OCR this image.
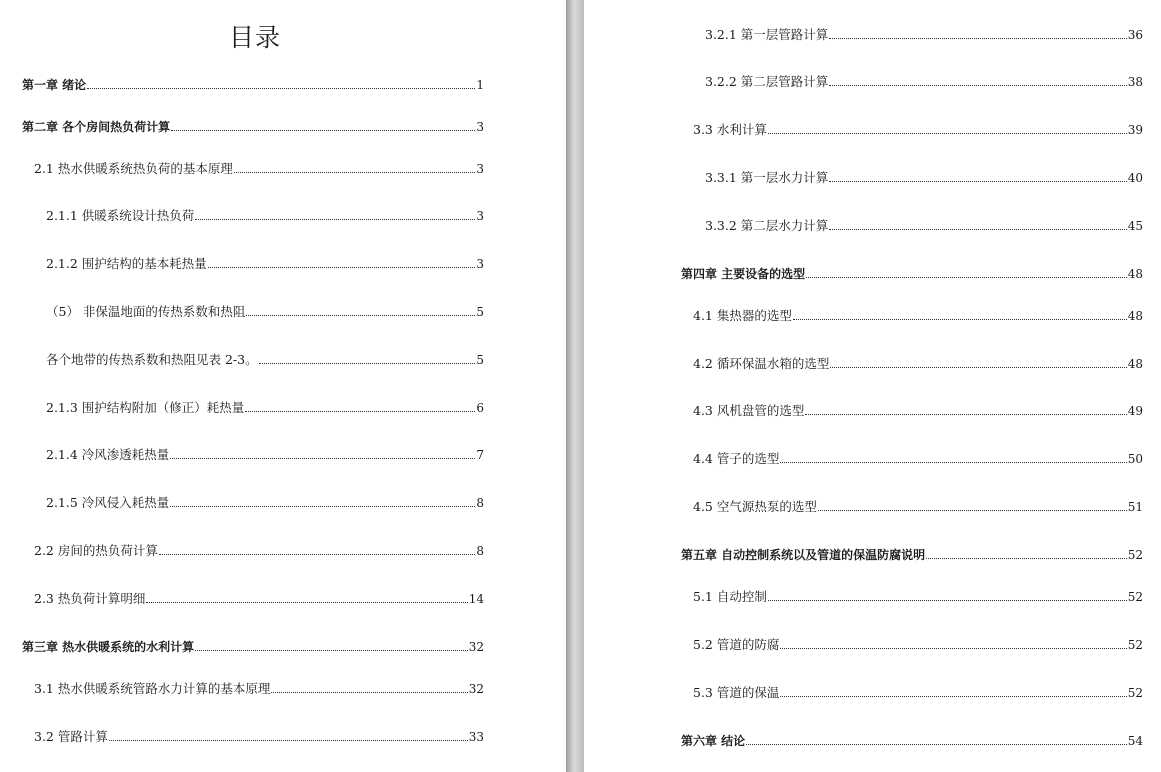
目录
第一章 绪论	1
第二章 各个房间热负荷计算	3
2.1 热水供暖系统热负荷的基本原理	3
2.1.1 供暖系统设计热负荷	3
2.1.2 围护结构的基本耗热量	3
（5） 非保温地面的传热系数和热阻	5
各个地带的传热系数和热阻见表 2-3。	5
2.1.3 围护结构附加（修正）耗热量	6
2.1.4 冷风渗透耗热量	7
2.1.5 冷风侵入耗热量	8
2.2 房间的热负荷计算	8
2.3 热负荷计算明细	14
第三章 热水供暖系统的水利计算	32
3.1 热水供暖系统管路水力计算的基本原理	32
3.2 管路计算	33
3.2.1 第一层管路计算	36
3.2.2 第二层管路计算	38
3.3 水利计算	39
3.3.1 第一层水力计算	40
3.3.2 第二层水力计算	45
第四章 主要设备的选型	48
4.1 集热器的选型	48
4.2 循环保温水箱的选型	48
4.3 风机盘管的选型	49
4.4 管子的选型	50
4.5 空气源热泵的选型	51
第五章 自动控制系统以及管道的保温防腐说明	52
5.1 自动控制	52
5.2 管道的防腐	52
5.3 管道的保温	52
第六章 结论	54
